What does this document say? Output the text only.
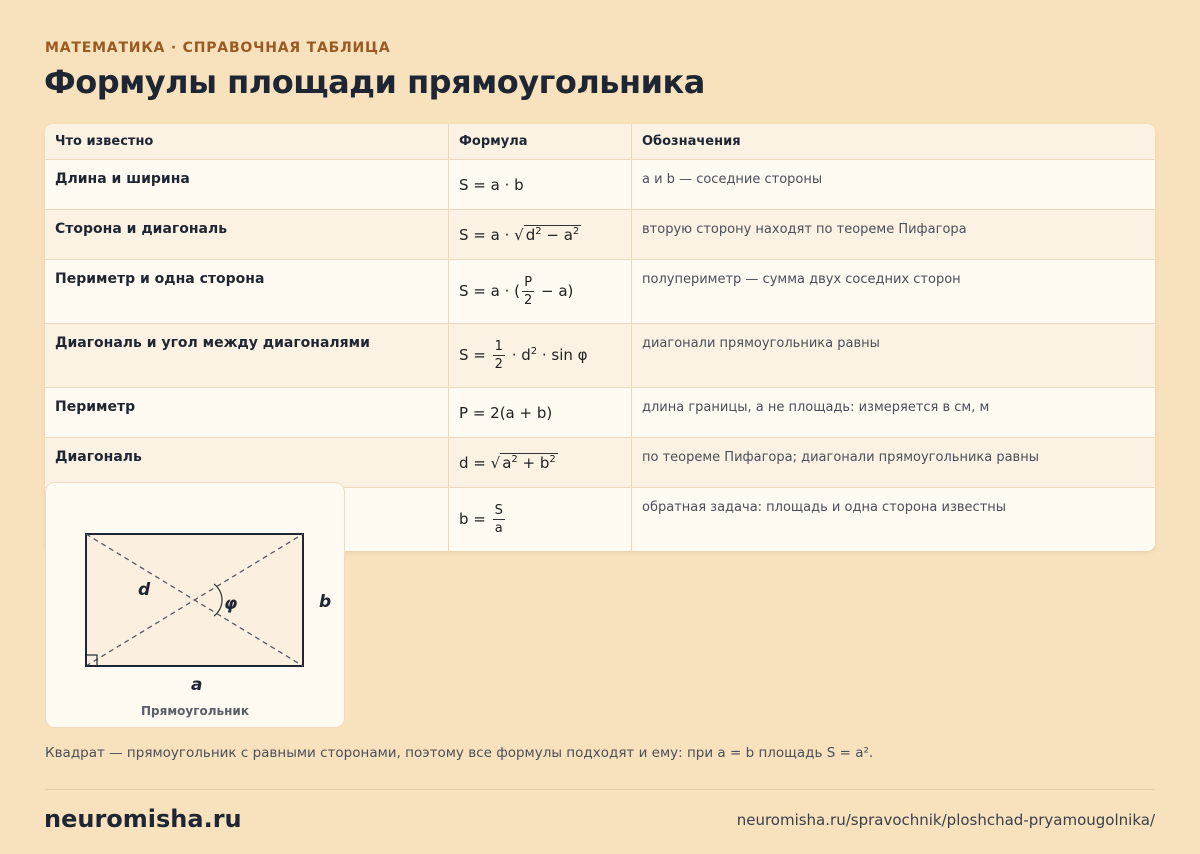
МАТЕМАТИКА · СПРАВОЧНАЯ ТАБЛИЦА
Формулы площади прямоугольника
Что известно	Формула	Обозначения
Длина и ширина	S = a · b	a и b — соседние стороны
Сторона и диагональ	S = a · √ $d^2 - a^2$	вторую сторону находят по теореме Пифагора
Периметр и одна сторона	S = a · ( $\frac{P}{2} - a$)	полупериметр — сумма двух соседних сторон
Диагональ и угол между диагоналями	$S = \frac{1}{2} \cdot d^2 \cdot \sin \varphi$	диагонали прямоугольника равны
Периметр	P = 2(a + b)	длина границы, а не площадь: измеряется в см, м
Диагональ	d = √ $a^2 + b^2$	по теореме Пифагора; диагонали прямоугольника равны
	$b = \frac{S}{a}$	обратная задача: площадь и одна сторона известны
d
φ	b
a
Прямоугольник
Квадрат — прямоугольник с равными сторонами, поэтому все формулы подходят и ему: при a = b площадь S = a².
neuromisha.ru	neuromisha.ru/spravochnik/ploshchad-pryamougolnika/
